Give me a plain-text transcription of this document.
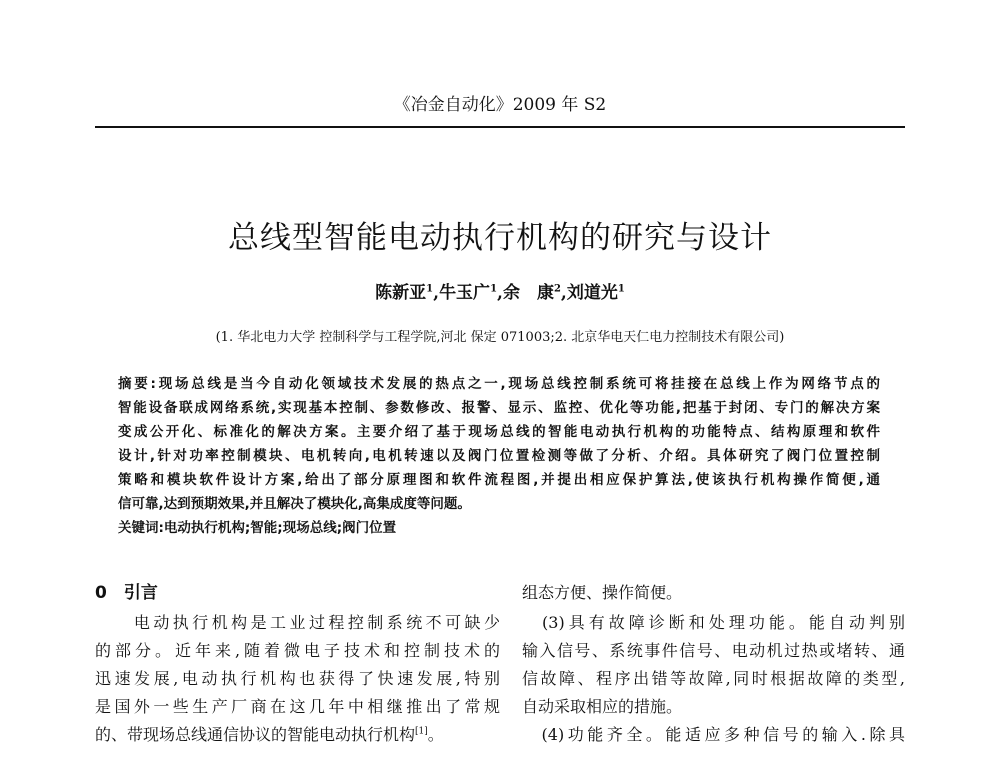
《冶金自动化》2009 年 S2
总线型智能电动执行机构的研究与设计
陈新亚$^1$,牛玉广$^1$,余　康$^2$,刘道光$^1$
(1. 华北电力大学 控制科学与工程学院,河北 保定 071003;2. 北京华电天仁电力控制技术有限公司)
摘要:现场总线是当今自动化领域技术发展的热点之一,现场总线控制系统可将挂接在总线上作为网络节点的
智能设备联成网络系统,实现基本控制、参数修改、报警、显示、监控、优化等功能,把基于封闭、专门的解决方案
变成公开化、标准化的解决方案。主要介绍了基于现场总线的智能电动执行机构的功能特点、结构原理和软件
设计,针对功率控制模块、电机转向,电机转速以及阀门位置检测等做了分析、介绍。具体研究了阀门位置控制
策略和模块软件设计方案,给出了部分原理图和软件流程图,并提出相应保护算法,使该执行机构操作简便,通
信可靠,达到预期效果,并且解决了模块化,高集成度等问题。
关键词:电动执行机构;智能;现场总线;阀门位置
0　引言
　　电动执行机构是工业过程控制系统不可缺少
的部分。近年来,随着微电子技术和控制技术的
迅速发展,电动执行机构也获得了快速发展,特别
是国外一些生产厂商在这几年中相继推出了常规
的、带现场总线通信协议的智能电动执行机构[1]。
组态方便、操作简便。
　(3)具有故障诊断和处理功能。能自动判别
输入信号、系统事件信号、电动机过热或堵转、通
信故障、程序出错等故障,同时根据故障的类型,
自动采取相应的措施。
　(4)功能齐全。能适应多种信号的输入.除具
